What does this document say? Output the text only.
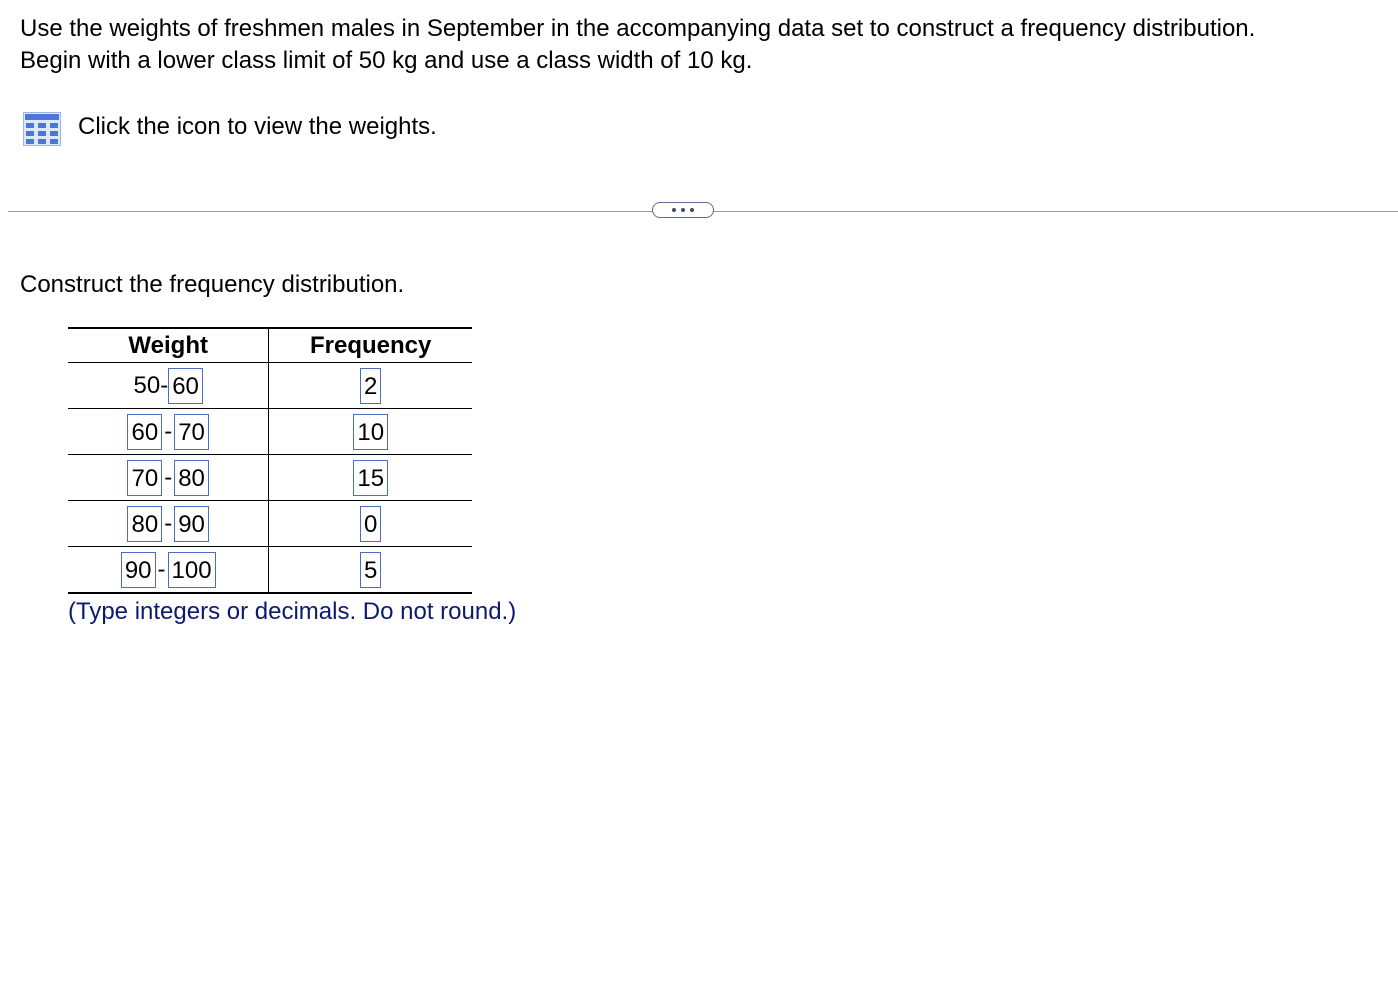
Use the weights of freshmen males in September in the accompanying data set to construct a frequency distribution.

Begin with a lower class limit of 50 kg and use a class width of 10 kg.

Click the icon to view the weights.
Construct the frequency distribution.
Weight	Frequency
50- 60	2
60 - 70	10
70 - 80	15
80 - 90	0
90 - 100	5
(Type integers or decimals. Do not round.)
